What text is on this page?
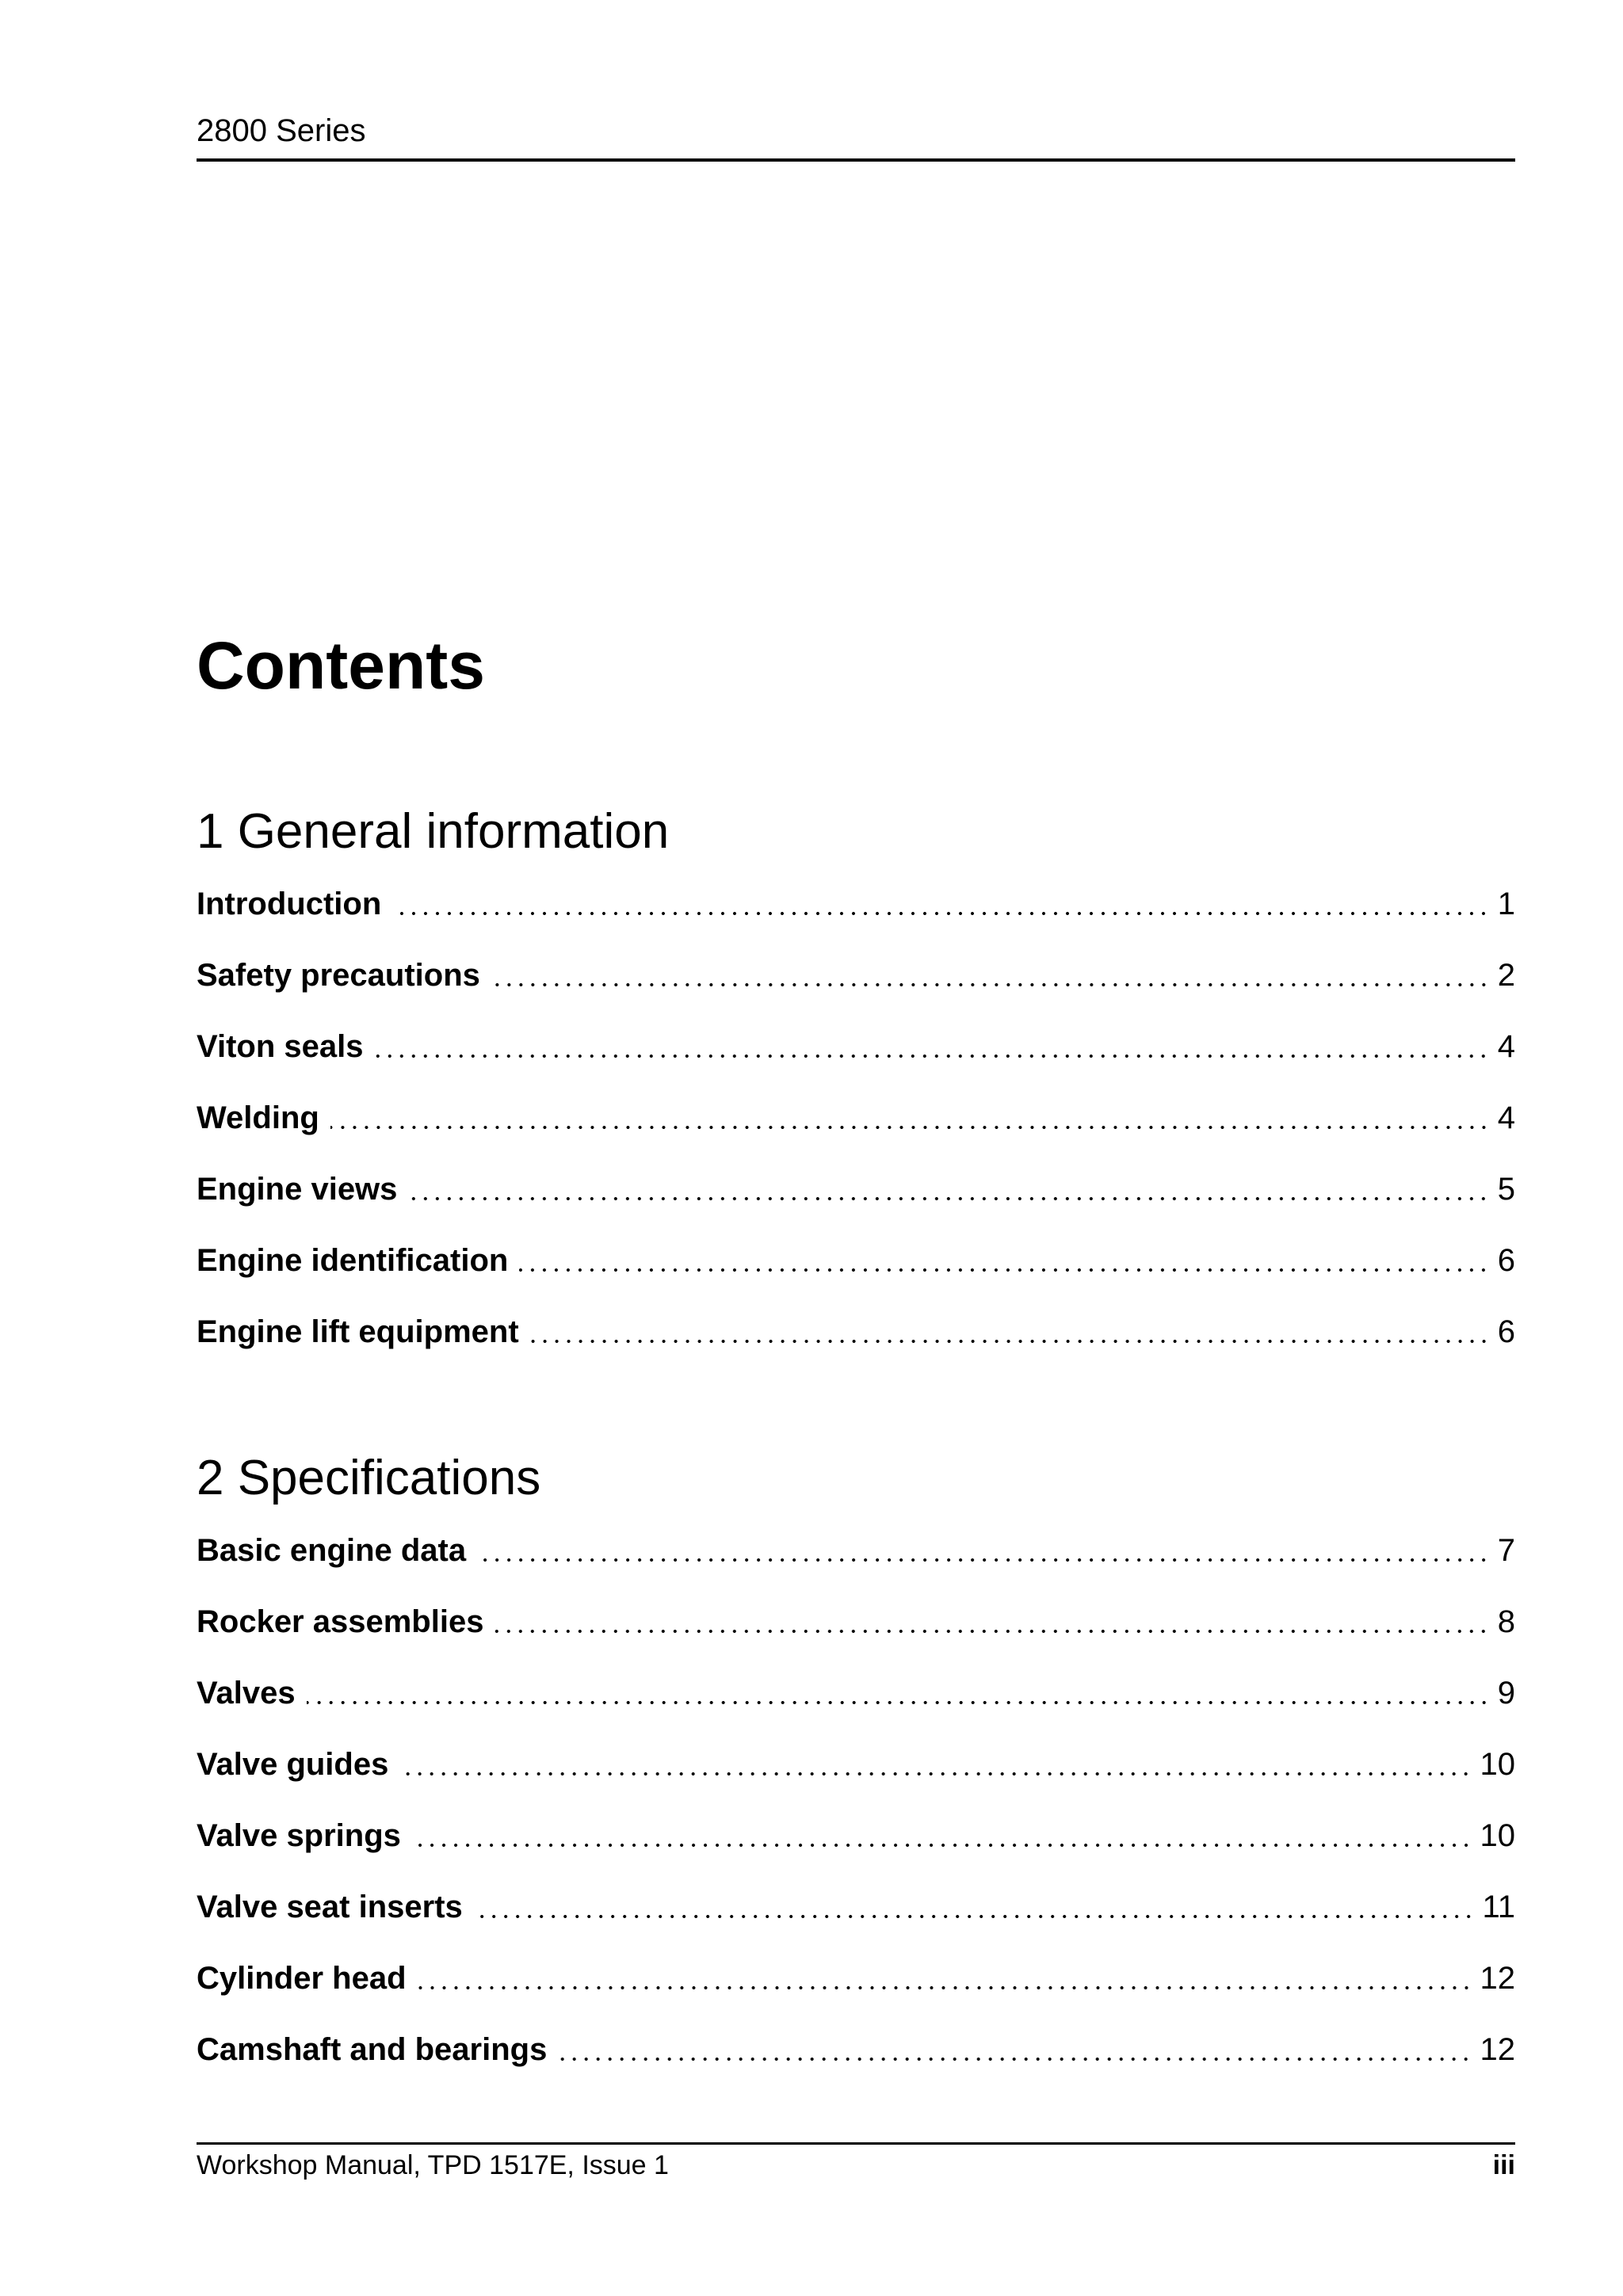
2800 Series
Contents
1 General information
Introduction	1
Safety precautions	2
Viton seals	4
Welding	4
Engine views	5
Engine identification	6
Engine lift equipment	6
2 Specifications
Basic engine data	7
Rocker assemblies	8
Valves	9
Valve guides	10
Valve springs	10
Valve seat inserts	11
Cylinder head	12
Camshaft and bearings	12
Workshop Manual, TPD 1517E, Issue 1	iii
